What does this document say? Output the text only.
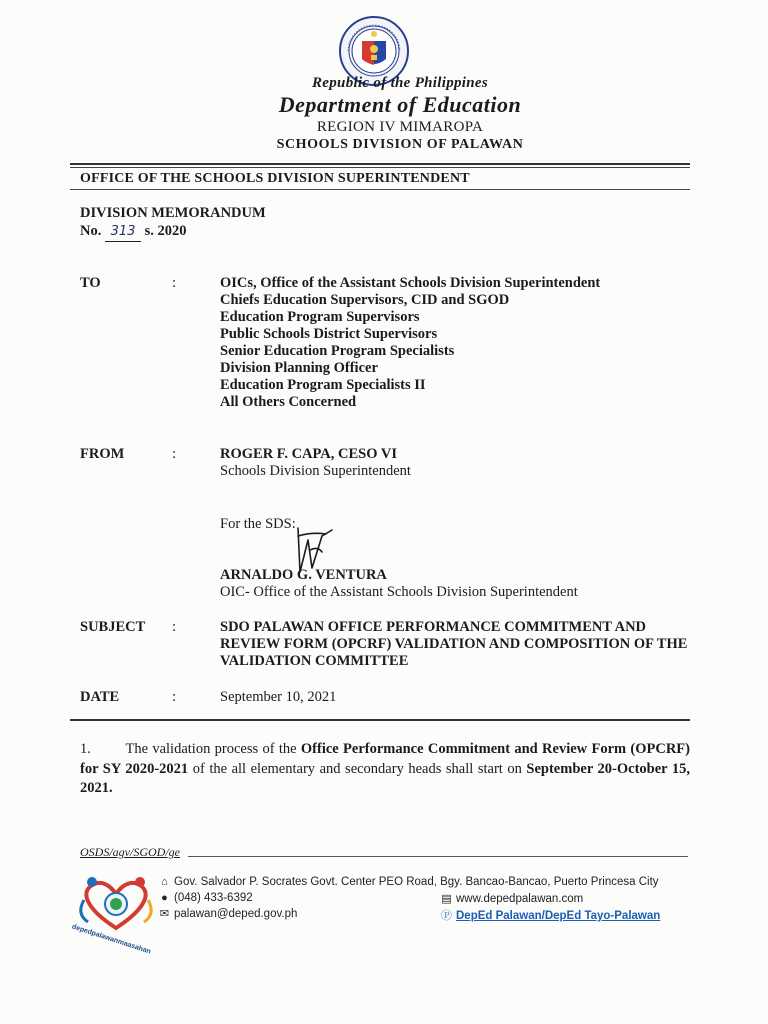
Republic of the Philippines
Department of Education
REGION IV MIMAROPA
SCHOOLS DIVISION OF PALAWAN
OFFICE OF THE SCHOOLS DIVISION SUPERINTENDENT
DIVISION MEMORANDUM
No. 313 s. 2020
TO	:	OICs, Office of the Assistant Schools Division Superintendent
Chiefs Education Supervisors, CID and SGOD
Education Program Supervisors
Public Schools District Supervisors
Senior Education Program Specialists
Division Planning Officer
Education Program Specialists II
All Others Concerned
FROM	:	ROGER F. CAPA, CESO VI
Schools Division Superintendent
For the SDS:
ARNALDO G. VENTURA
OIC- Office of the Assistant Schools Division Superintendent
SUBJECT :	SDO PALAWAN OFFICE PERFORMANCE COMMITMENT AND
REVIEW FORM (OPCRF) VALIDATION AND COMPOSITION OF THE
VALIDATION COMMITTEE
DATE	:	September 10, 2021
1. The validation process of the Office Performance Commitment and Review Form (OPCRF) for SY 2020-2021 of the all elementary and secondary heads shall start on September 20-October 15, 2021.
OSDS/agv/SGOD/ge
depedpalawanmaasahan
⌂ Gov. Salvador P. Socrates Govt. Center PEO Road, Bgy. Bancao-Bancao, Puerto Princesa City
● (048) 433-6392	▤ www.depedpalawan.com
✉ palawan@deped.gov.ph	Ⓟ DepEd Palawan/DepEd Tayo-Palawan
